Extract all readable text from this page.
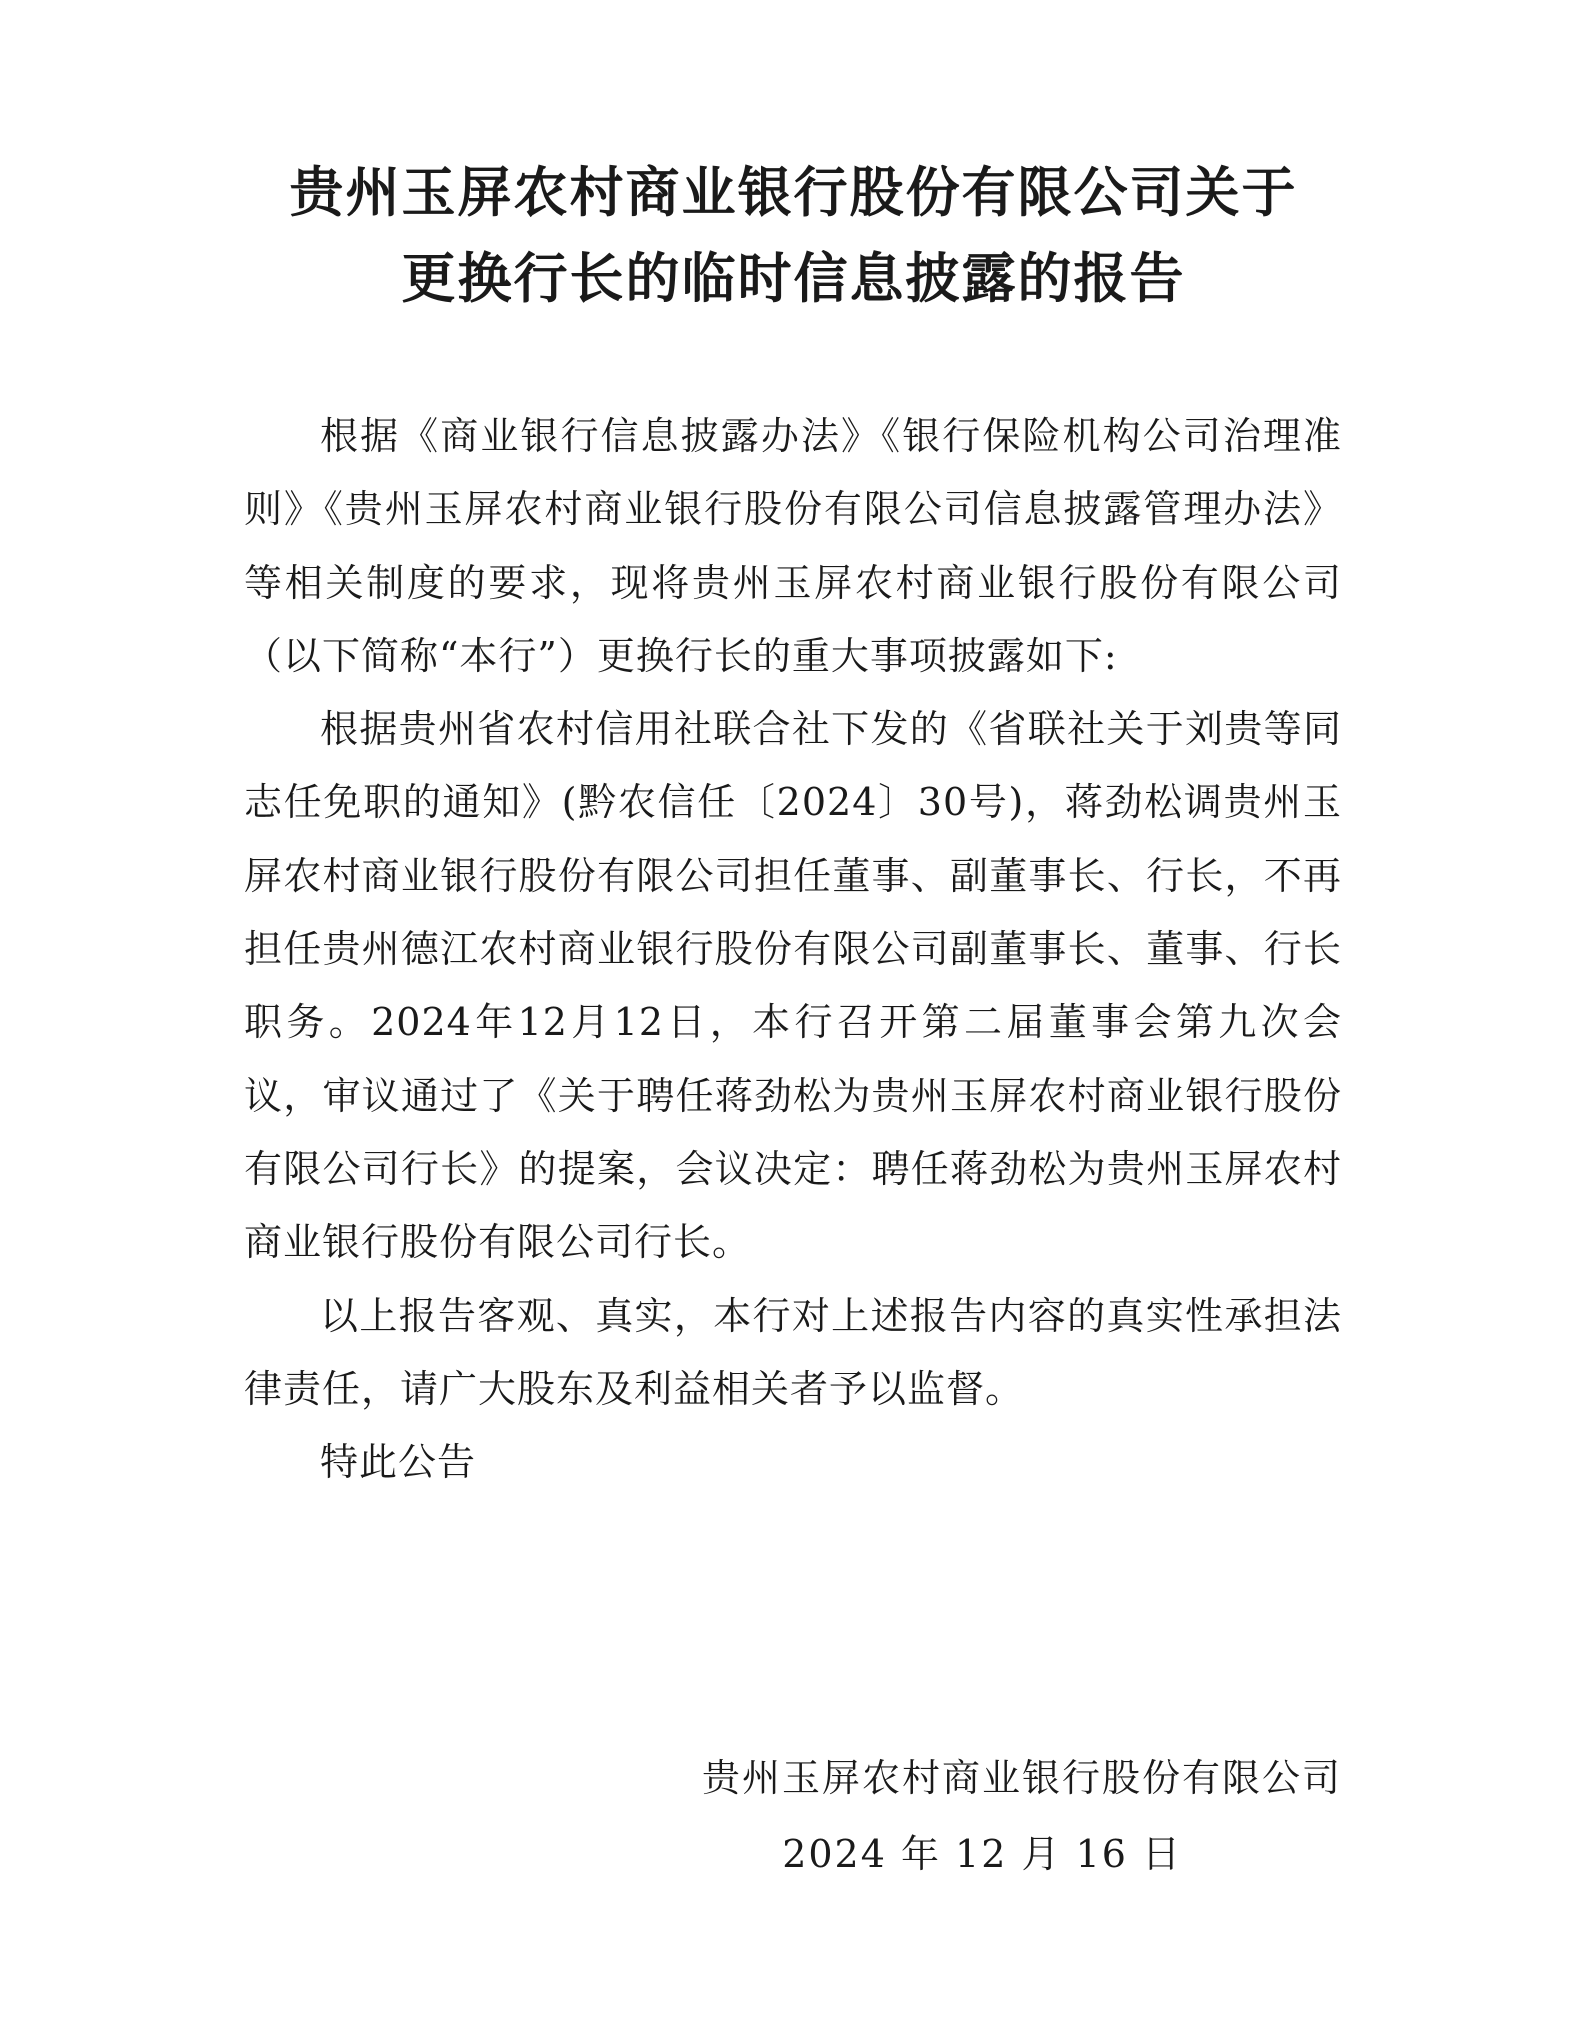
贵州玉屏农村商业银行股份有限公司关于
更换行长的临时信息披露的报告

根据《商业银行信息披露办法》《银行保险机构公司治理准则》《贵州玉屏农村商业银行股份有限公司信息披露管理办法》等相关制度的要求，现将贵州玉屏农村商业银行股份有限公司（以下简称“本行”）更换行长的重大事项披露如下:

根据贵州省农村信用社联合社下发的《省联社关于刘贵等同志任免职的通知》(黔农信任〔2024〕30号)，蒋劲松调贵州玉屏农村商业银行股份有限公司担任董事、副董事长、行长，不再担任贵州德江农村商业银行股份有限公司副董事长、董事、行长职务。2024年12月12日，本行召开第二届董事会第九次会议，审议通过了《关于聘任蒋劲松为贵州玉屏农村商业银行股份有限公司行长》的提案，会议决定：聘任蒋劲松为贵州玉屏农村商业银行股份有限公司行长。

以上报告客观、真实，本行对上述报告内容的真实性承担法律责任，请广大股东及利益相关者予以监督。

特此公告

贵州玉屏农村商业银行股份有限公司
2024 年 12 月 16 日
